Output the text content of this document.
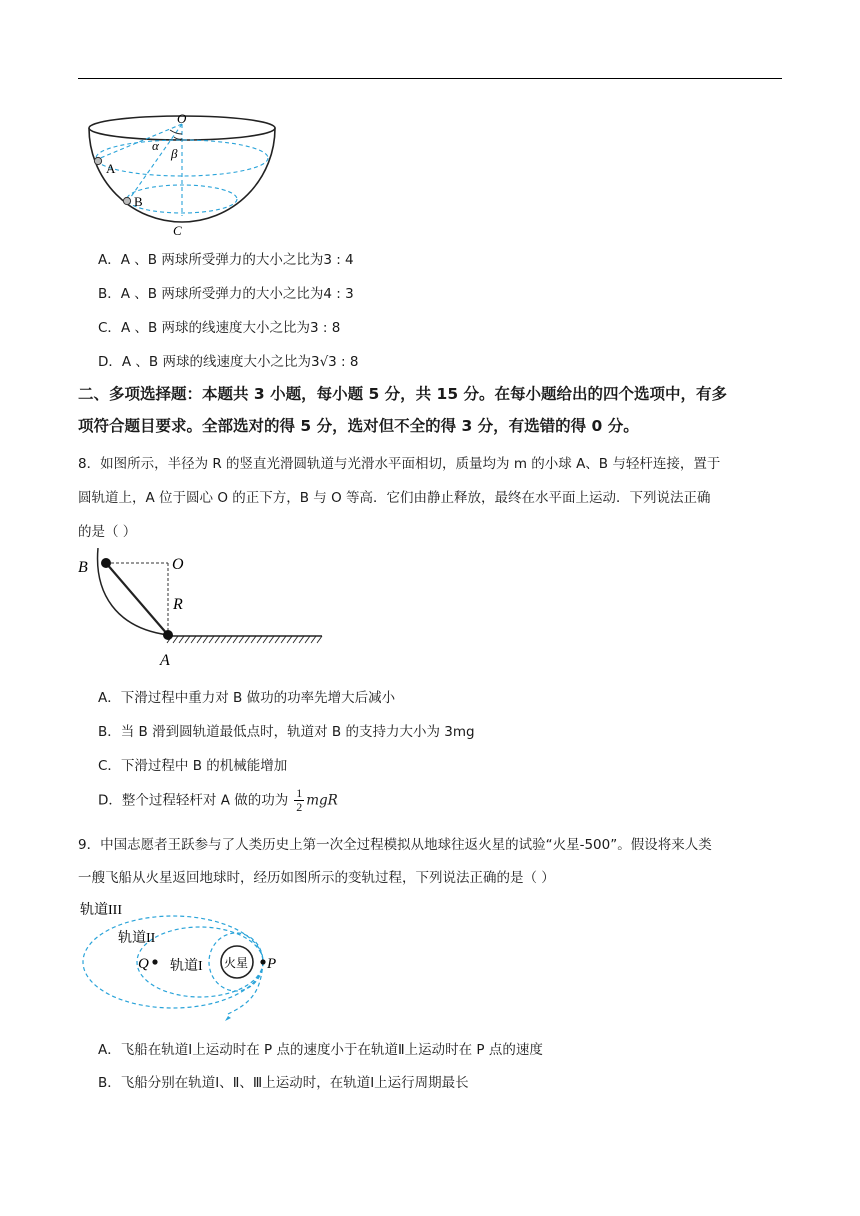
O
α
β
A
B
C
A．A 、B 两球所受弹力的大小之比为3 : 4
B．A 、B 两球所受弹力的大小之比为4 : 3
C．A 、B 两球的线速度大小之比为3 : 8
D．A 、B 两球的线速度大小之比为3√3 : 8
二、多项选择题：本题共 3 小题，每小题 5 分，共 15 分。在每小题给出的四个选项中，有多
项符合题目要求。全部选对的得 5 分，选对但不全的得 3 分，有选错的得 0 分。
8．如图所示，半径为 R 的竖直光滑圆轨道与光滑水平面相切，质量均为 m 的小球 A、B 与轻杆连接，置于
圆轨道上，A 位于圆心 O 的正下方，B 与 O 等高．它们由静止释放，最终在水平面上运动．下列说法正确
的是（ ）
B	O
R
A
A．下滑过程中重力对 B 做功的功率先增大后减小
B．当 B 滑到圆轨道最低点时，轨道对 B 的支持力大小为 3mg
C．下滑过程中 B 的机械能增加
D．整个过程轻杆对 A 做的功为 $\frac{1}{2}$ mgR
9．中国志愿者王跃参与了人类历史上第一次全过程模拟从地球往返火星的试验“火星-500”。假设将来人类
一艘飞船从火星返回地球时，经历如图所示的变轨过程，下列说法正确的是（ ）
轨道III
轨道II
轨道I
Q	P
火星
A．飞船在轨道Ⅰ上运动时在 P 点的速度小于在轨道Ⅱ上运动时在 P 点的速度
B．飞船分别在轨道Ⅰ、Ⅱ、Ⅲ上运动时，在轨道Ⅰ上运行周期最长
